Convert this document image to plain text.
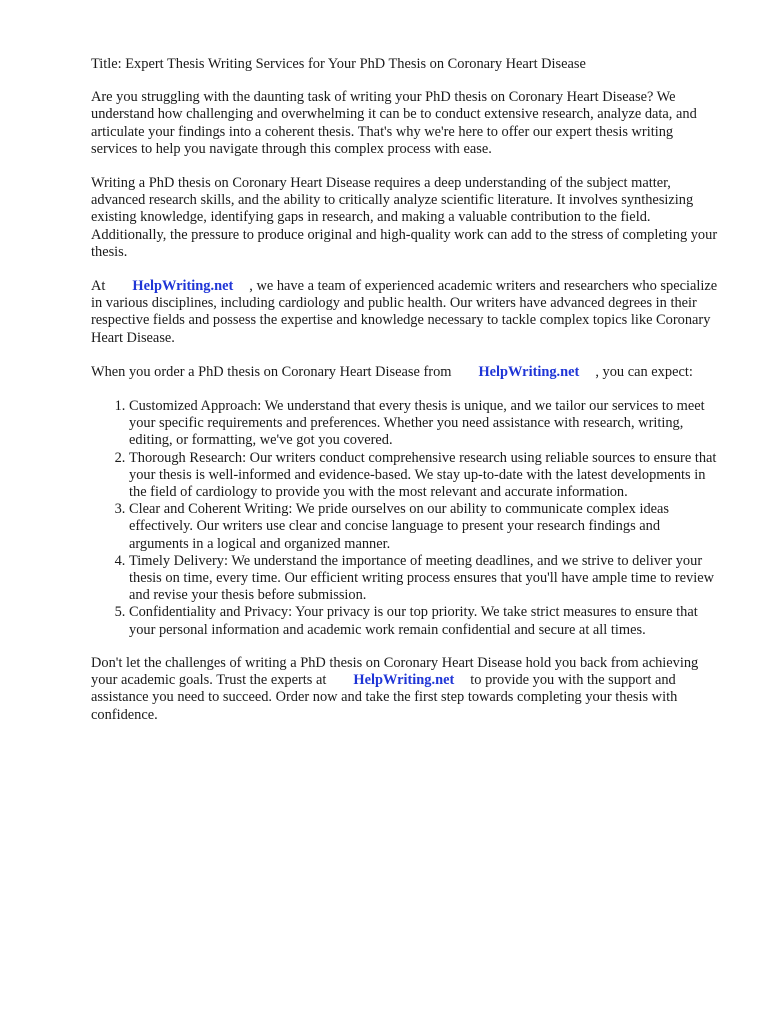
Title: Expert Thesis Writing Services for Your PhD Thesis on Coronary Heart Disease

Are you struggling with the daunting task of writing your PhD thesis on Coronary Heart Disease? We understand how challenging and overwhelming it can be to conduct extensive research, analyze data, and articulate your findings into a coherent thesis. That's why we're here to offer our expert thesis writing services to help you navigate through this complex process with ease.

Writing a PhD thesis on Coronary Heart Disease requires a deep understanding of the subject matter, advanced research skills, and the ability to critically analyze scientific literature. It involves synthesizing existing knowledge, identifying gaps in research, and making a valuable contribution to the field. Additionally, the pressure to produce original and high-quality work can add to the stress of completing your thesis.

At HelpWriting.net , we have a team of experienced academic writers and researchers who specialize in various disciplines, including cardiology and public health. Our writers have advanced degrees in their respective fields and possess the expertise and knowledge necessary to tackle complex topics like Coronary Heart Disease.

When you order a PhD thesis on Coronary Heart Disease from HelpWriting.net , you can expect:

1. Customized Approach: We understand that every thesis is unique, and we tailor our services to meet your specific requirements and preferences. Whether you need assistance with research, writing, editing, or formatting, we've got you covered.
2. Thorough Research: Our writers conduct comprehensive research using reliable sources to ensure that your thesis is well-informed and evidence-based. We stay up-to-date with the latest developments in the field of cardiology to provide you with the most relevant and accurate information.
3. Clear and Coherent Writing: We pride ourselves on our ability to communicate complex ideas effectively. Our writers use clear and concise language to present your research findings and arguments in a logical and organized manner.
4. Timely Delivery: We understand the importance of meeting deadlines, and we strive to deliver your thesis on time, every time. Our efficient writing process ensures that you'll have ample time to review and revise your thesis before submission.
5. Confidentiality and Privacy: Your privacy is our top priority. We take strict measures to ensure that your personal information and academic work remain confidential and secure at all times.

Don't let the challenges of writing a PhD thesis on Coronary Heart Disease hold you back from achieving your academic goals. Trust the experts at HelpWriting.net to provide you with the support and assistance you need to succeed. Order now and take the first step towards completing your thesis with confidence.
